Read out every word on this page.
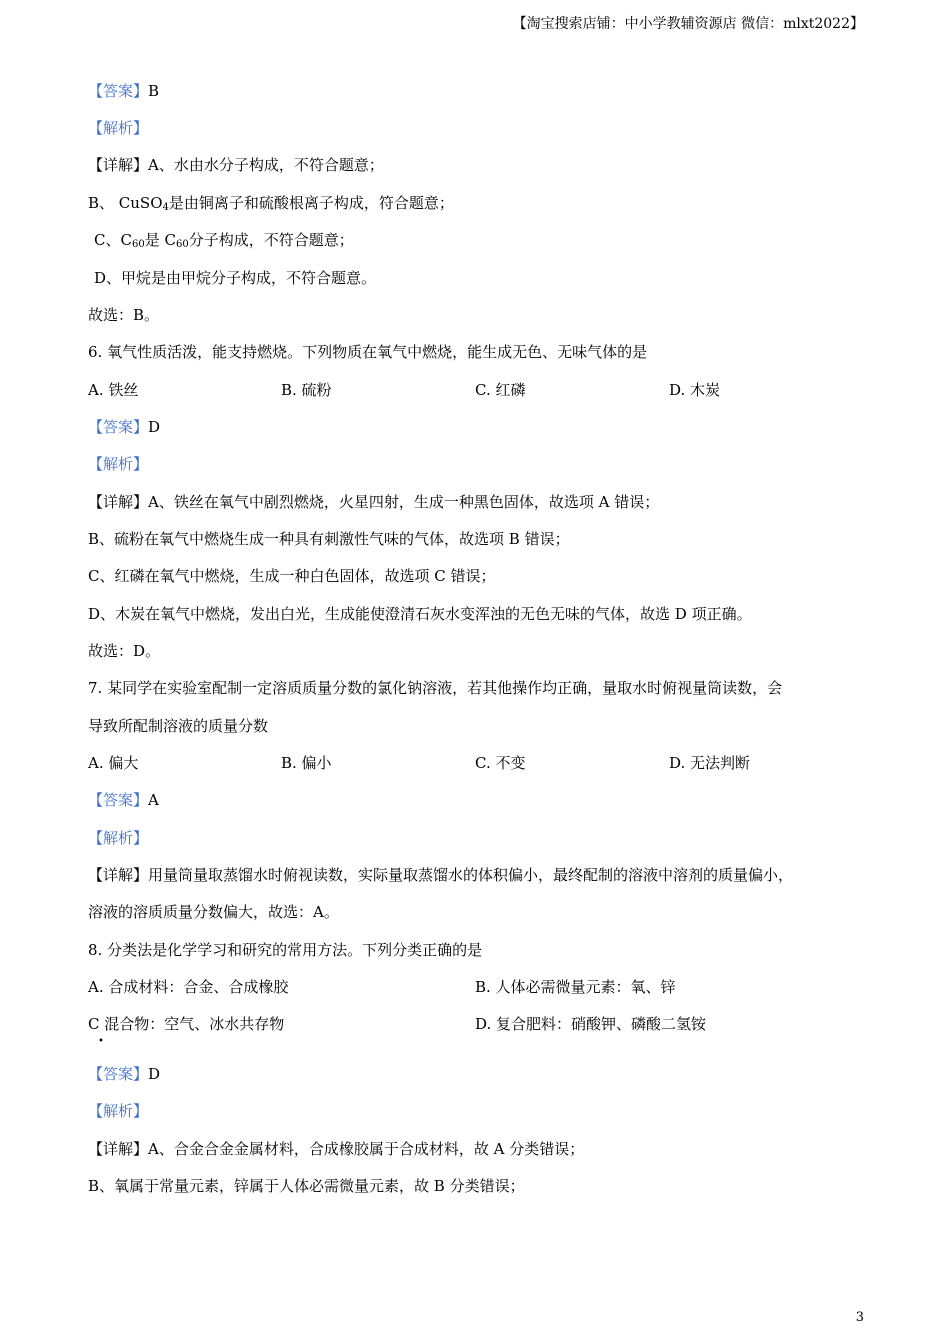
【淘宝搜索店铺：中小学教辅资源店 微信：mlxt2022】
【答案】B
【解析】
【详解】A、水由水分子构成，不符合题意；
B、 CuSO$_4$是由铜离子和硫酸根离子构成，符合题意；
C、$C_{60}$是 $C_{60}$分子构成，不符合题意；
D、甲烷是由甲烷分子构成，不符合题意。
故选：B。
6. 氧气性质活泼，能支持燃烧。下列物质在氧气中燃烧，能生成无色、无味气体的是
A. 铁丝	B. 硫粉	C. 红磷	D. 木炭
【答案】D
【解析】
【详解】A、铁丝在氧气中剧烈燃烧，火星四射，生成一种黑色固体，故选项 A 错误；
B、硫粉在氧气中燃烧生成一种具有刺激性气味的气体，故选项 B 错误；
C、红磷在氧气中燃烧，生成一种白色固体，故选项 C 错误；
D、木炭在氧气中燃烧，发出白光，生成能使澄清石灰水变浑浊的无色无味的气体，故选 D 项正确。
故选：D。
7. 某同学在实验室配制一定溶质质量分数的氯化钠溶液，若其他操作均正确，量取水时俯视量筒读数，会
导致所配制溶液的质量分数
A. 偏大	B. 偏小	C. 不变	D. 无法判断
【答案】A
【解析】
【详解】用量筒量取蒸馏水时俯视读数，实际量取蒸馏水的体积偏小，最终配制的溶液中溶剂的质量偏小，
溶液的溶质质量分数偏大，故选：A。
8. 分类法是化学学习和研究的常用方法。下列分类正确的是
A. 合成材料：合金、合成橡胶	B. 人体必需微量元素：氧、锌
C 混合物：空气、冰水共存物
•
D. 复合肥料：硝酸钾、磷酸二氢铵
【答案】D
【解析】
【详解】A、合金合金金属材料，合成橡胶属于合成材料，故 A 分类错误；
B、氧属于常量元素，锌属于人体必需微量元素，故 B 分类错误；
3
